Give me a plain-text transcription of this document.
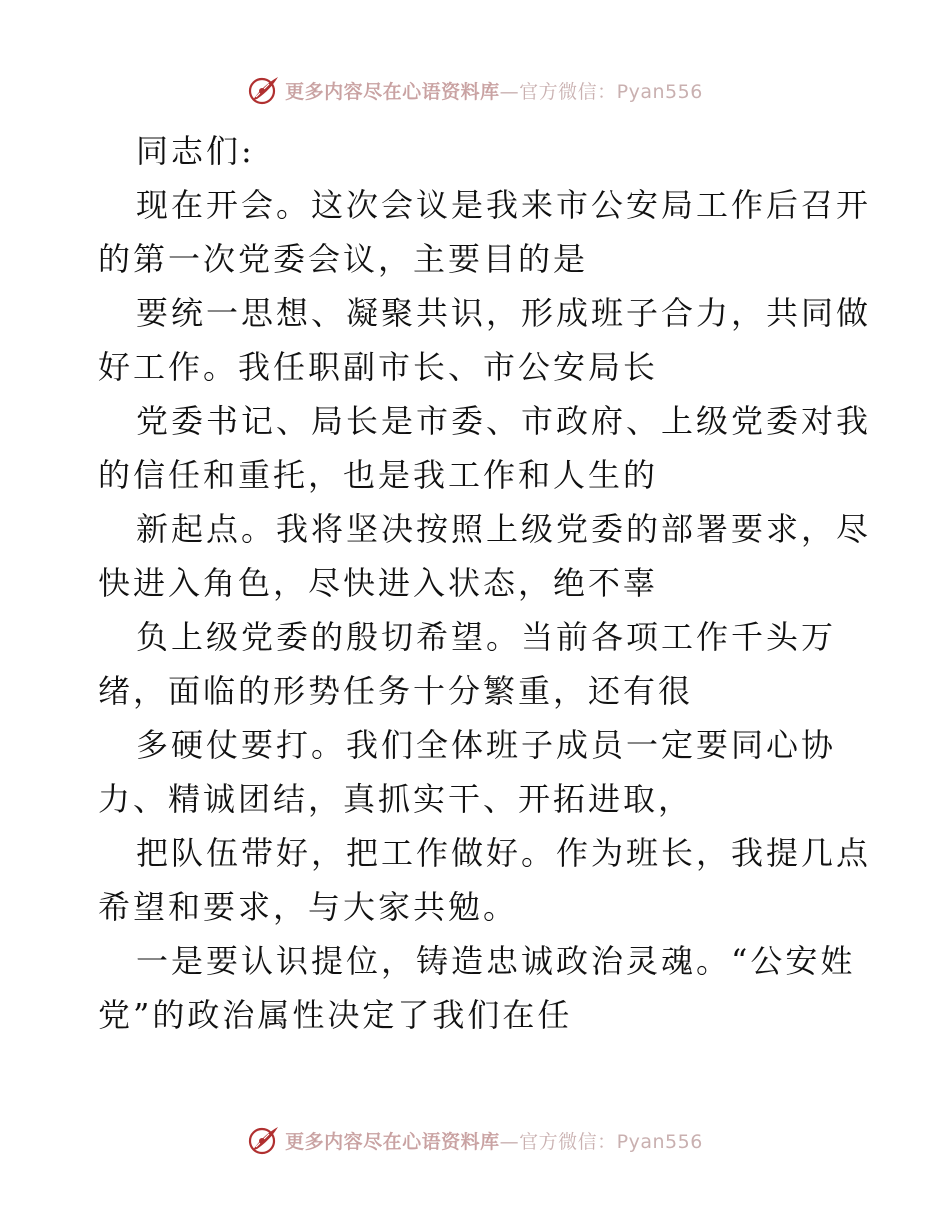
更多内容尽在心语资料库—官方微信：Pyan556
同志们:
现在开会。这次会议是我来市公安局工作后召开
的第一次党委会议，主要目的是
要统一思想、凝聚共识，形成班子合力，共同做
好工作。我任职副市长、市公安局长
党委书记、局长是市委、市政府、上级党委对我
的信任和重托，也是我工作和人生的
新起点。我将坚决按照上级党委的部署要求，尽
快进入角色，尽快进入状态，绝不辜
负上级党委的殷切希望。当前各项工作千头万
绪，面临的形势任务十分繁重，还有很
多硬仗要打。我们全体班子成员一定要同心协
力、精诚团结，真抓实干、开拓进取，
把队伍带好，把工作做好。作为班长，我提几点
希望和要求，与大家共勉。
一是要认识提位，铸造忠诚政治灵魂。“公安姓
党”的政治属性决定了我们在任
更多内容尽在心语资料库—官方微信：Pyan556
